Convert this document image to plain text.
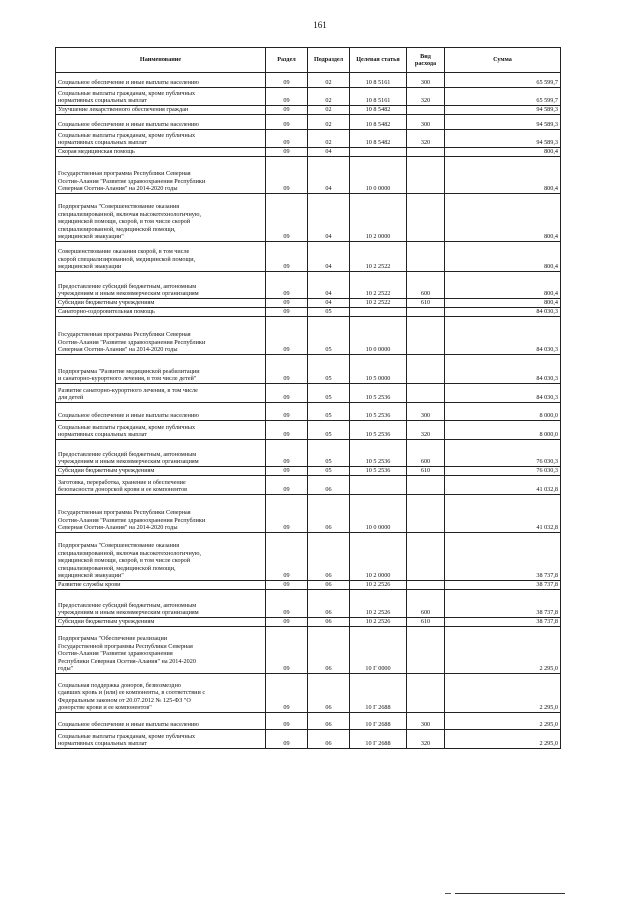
161
Наименование	Раздел	Подраздел	Целевая статья	Вид расхода	Сумма

Социальное обеспечение и иные выплаты населению	09	02	10 8 5161	300	65 599,7

Социальные выплаты гражданам, кроме публичных
нормативных социальных выплат	09	02	10 8 5161	320	65 599,7

Улучшение лекарственного обеспечения граждан	09	02	10 8 5482		94 589,3

Социальное обеспечение и иные выплаты населению	09	02	10 8 5482	300	94 589,3

Социальные выплаты гражданам, кроме публичных
нормативных социальных выплат	09	02	10 8 5482	320	94 589,3

Скорая медицинская помощь	09	04			800,4

Государственная программа Республики Северная
Осетия-Алания "Развитие здравоохранения Республики
Северная Осетия-Алания" на 2014-2020 годы	09	04	10 0 0000		800,4

Подпрограмма "Совершенствование оказания
специализированной, включая высокотехнологичную,
медицинской помощи, скорой, в том числе скорой
специализированной, медицинской помощи,
медицинской эвакуации"	09	04	10 2 0000		800,4

Совершенствование оказания скорой, в том числе
скорой специализированной, медицинской помощи,
медицинской эвакуации	09	04	10 2 2522		800,4

Предоставление субсидий бюджетным, автономным
учреждениям и иным некоммерческим организациям	09	04	10 2 2522	600	800,4

Субсидии бюджетным учреждениям	09	04	10 2 2522	610	800,4

Санаторно-оздоровительная помощь	09	05			84 030,3

Государственная программа Республики Северная
Осетия-Алания "Развитие здравоохранения Республики
Северная Осетия-Алания" на 2014-2020 годы	09	05	10 0 0000		84 030,3

Подпрограмма "Развитие медицинской реабилитации
и санаторно-курортного лечения, в том числе детей"	09	05	10 5 0000		84 030,3

Развитие санаторно-курортного лечения, в том числе
для детей	09	05	10 5 2536		84 030,3

Социальное обеспечение и иные выплаты населению	09	05	10 5 2536	300	8 000,0

Социальные выплаты гражданам, кроме публичных
нормативных социальных выплат	09	05	10 5 2536	320	8 000,0

Предоставление субсидий бюджетным, автономным
учреждениям и иным некоммерческим организациям	09	05	10 5 2536	600	76 030,3

Субсидии бюджетным учреждениям	09	05	10 5 2536	610	76 030,3

Заготовка, переработка, хранение и обеспечение
безопасности донорской крови и ее компонентов	09	06			41 032,8

Государственная программа Республики Северная
Осетия-Алания "Развитие здравоохранения Республики
Северная Осетия-Алания" на 2014-2020 годы	09	06	10 0 0000		41 032,8

Подпрограмма "Совершенствование оказания
специализированной, включая высокотехнологичную,
медицинской помощи, скорой, в том числе скорой
специализированной, медицинской помощи,
медицинской эвакуации"	09	06	10 2 0000		38 737,8

Развитие службы крови	09	06	10 2 2526		38 737,8

Предоставление субсидий бюджетным, автономным
учреждениям и иным некоммерческим организациям	09	06	10 2 2526	600	38 737,8

Субсидии бюджетным учреждениям	09	06	10 2 2526	610	38 737,8

Подпрограмма "Обеспечение реализации
Государственной программы Республики Северная
Осетия-Алания "Развитие здравоохранения
Республики Северная Осетия-Алания" на 2014-2020
годы"	09	06	10 Г 0000		2 295,0

Социальная поддержка доноров, безвозмездно
сдавших кровь и (или) ее компоненты, в соответствии с
Федеральным законом от 20.07.2012 № 125-ФЗ "О
донорстве крови и ее компонентов"	09	06	10 Г 2688		2 295,0

Социальное обеспечение и иные выплаты населению	09	06	10 Г 2688	300	2 295,0

Социальные выплаты гражданам, кроме публичных
нормативных социальных выплат	09	06	10 Г 2688	320	2 295,0
